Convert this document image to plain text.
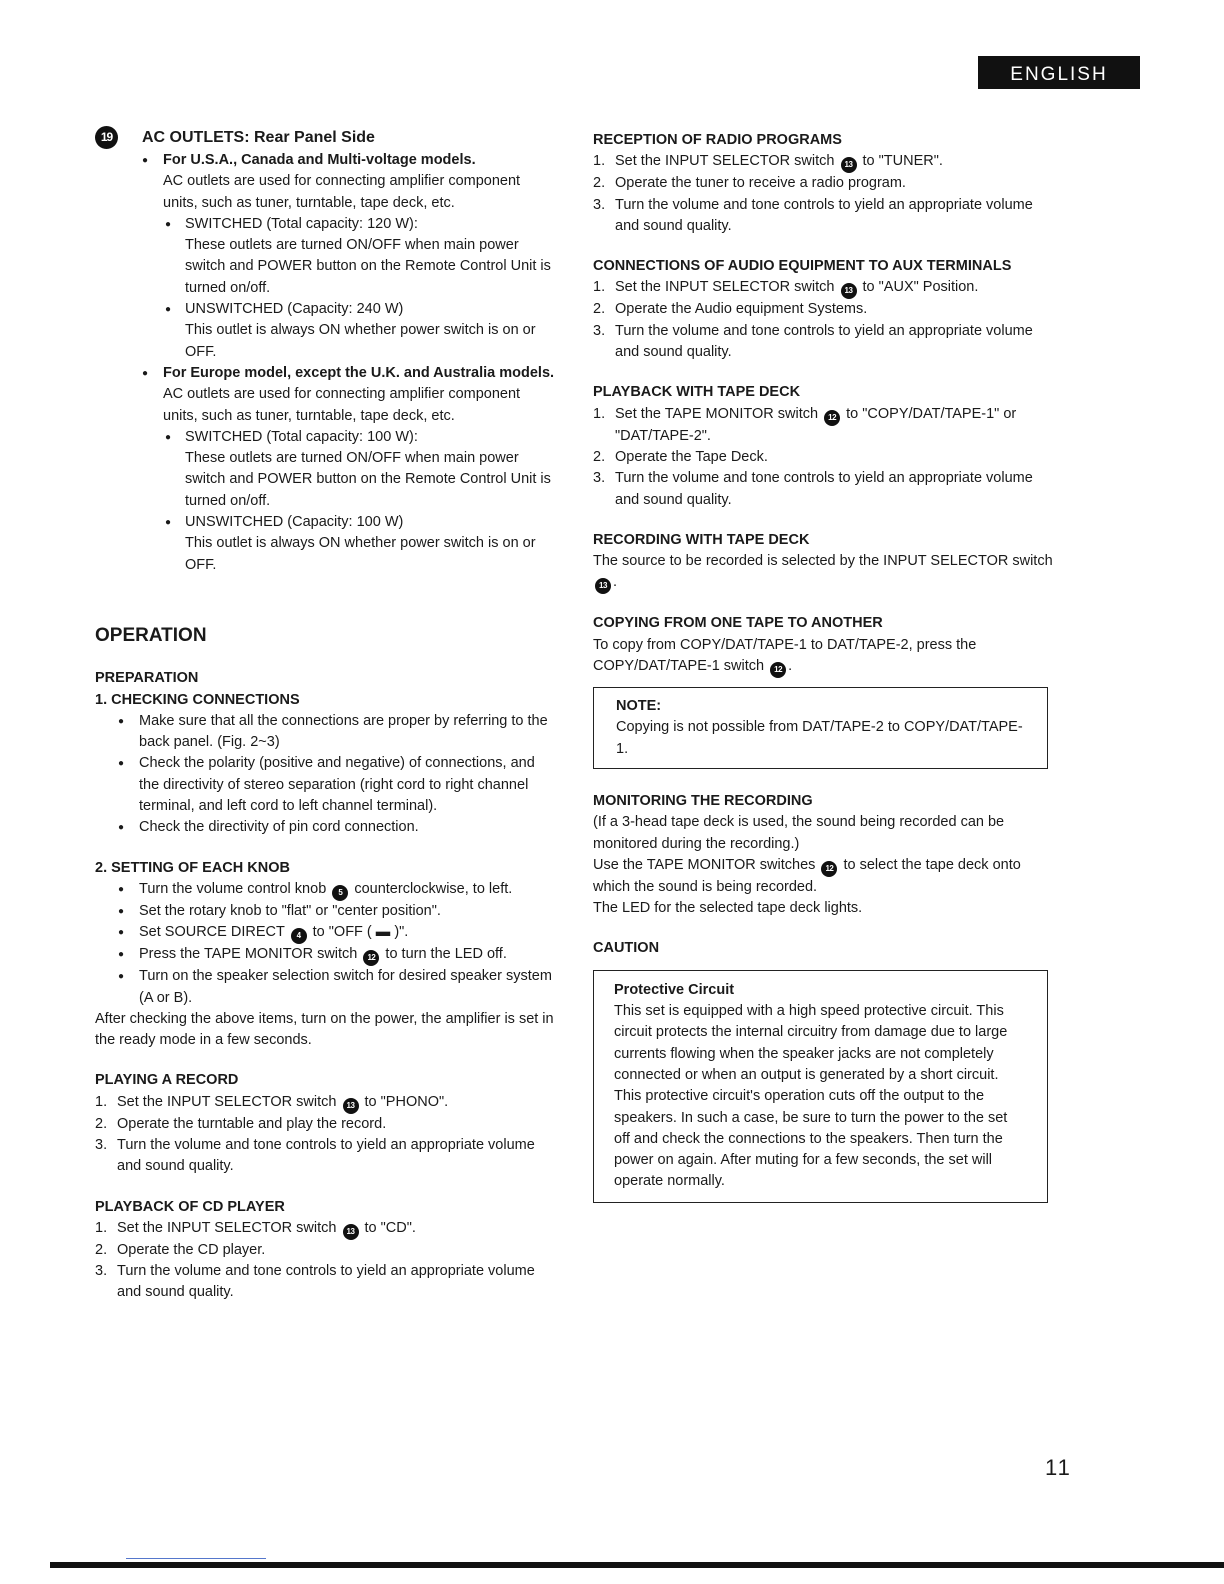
ENGLISH
19	AC OUTLETS: Rear Panel Side
● For U.S.A., Canada and Multi-voltage models.
AC outlets are used for connecting amplifier component units, such as tuner, turntable, tape deck, etc.
● SWITCHED (Total capacity: 120 W):
These outlets are turned ON/OFF when main power switch and POWER button on the Remote Control Unit is turned on/off.
● UNSWITCHED (Capacity: 240 W)
This outlet is always ON whether power switch is on or OFF.
● For Europe model, except the U.K. and Australia models.
AC outlets are used for connecting amplifier component units, such as tuner, turntable, tape deck, etc.
● SWITCHED (Total capacity: 100 W):
These outlets are turned ON/OFF when main power switch and POWER button on the Remote Control Unit is turned on/off.
● UNSWITCHED (Capacity: 100 W)
This outlet is always ON whether power switch is on or OFF.
OPERATION
PREPARATION
1. CHECKING CONNECTIONS
● Make sure that all the connections are proper by referring to the back panel. (Fig. 2~3)
● Check the polarity (positive and negative) of connections, and the directivity of stereo separation (right cord to right channel terminal, and left cord to left channel terminal).
● Check the directivity of pin cord connection.
2. SETTING OF EACH KNOB
● Turn the volume control knob 5 counterclockwise, to left.
● Set the rotary knob to "flat" or "center position".
● Set SOURCE DIRECT 4 to "OFF ( ▬ )".
● Press the TAPE MONITOR switch 12 to turn the LED off.
● Turn on the speaker selection switch for desired speaker system (A or B).
After checking the above items, turn on the power, the amplifier is set in the ready mode in a few seconds.
PLAYING A RECORD
1. Set the INPUT SELECTOR switch 13 to "PHONO".
2. Operate the turntable and play the record.
3. Turn the volume and tone controls to yield an appropriate volume and sound quality.
PLAYBACK OF CD PLAYER
1. Set the INPUT SELECTOR switch 13 to "CD".
2. Operate the CD player.
3. Turn the volume and tone controls to yield an appropriate volume and sound quality.
RECEPTION OF RADIO PROGRAMS
1. Set the INPUT SELECTOR switch 13 to "TUNER".
2. Operate the tuner to receive a radio program.
3. Turn the volume and tone controls to yield an appropriate volume and sound quality.
CONNECTIONS OF AUDIO EQUIPMENT TO AUX TERMINALS
1. Set the INPUT SELECTOR switch 13 to "AUX" Position.
2. Operate the Audio equipment Systems.
3. Turn the volume and tone controls to yield an appropriate volume and sound quality.
PLAYBACK WITH TAPE DECK
1. Set the TAPE MONITOR switch 12 to "COPY/DAT/TAPE-1" or "DAT/TAPE-2".
2. Operate the Tape Deck.
3. Turn the volume and tone controls to yield an appropriate volume and sound quality.
RECORDING WITH TAPE DECK
The source to be recorded is selected by the INPUT SELECTOR switch 13 .
COPYING FROM ONE TAPE TO ANOTHER
To copy from COPY/DAT/TAPE-1 to DAT/TAPE-2, press the COPY/DAT/TAPE-1 switch 12 .
NOTE:
Copying is not possible from DAT/TAPE-2 to COPY/DAT/TAPE-1.
MONITORING THE RECORDING
(If a 3-head tape deck is used, the sound being recorded can be monitored during the recording.)
Use the TAPE MONITOR switches 12 to select the tape deck onto which the sound is being recorded.
The LED for the selected tape deck lights.
CAUTION
Protective Circuit
This set is equipped with a high speed protective circuit. This circuit protects the internal circuitry from damage due to large currents flowing when the speaker jacks are not completely connected or when an output is generated by a short circuit. This protective circuit's operation cuts off the output to the speakers. In such a case, be sure to turn the power to the set off and check the connections to the speakers. Then turn the power on again. After muting for a few seconds, the set will operate normally.
11
